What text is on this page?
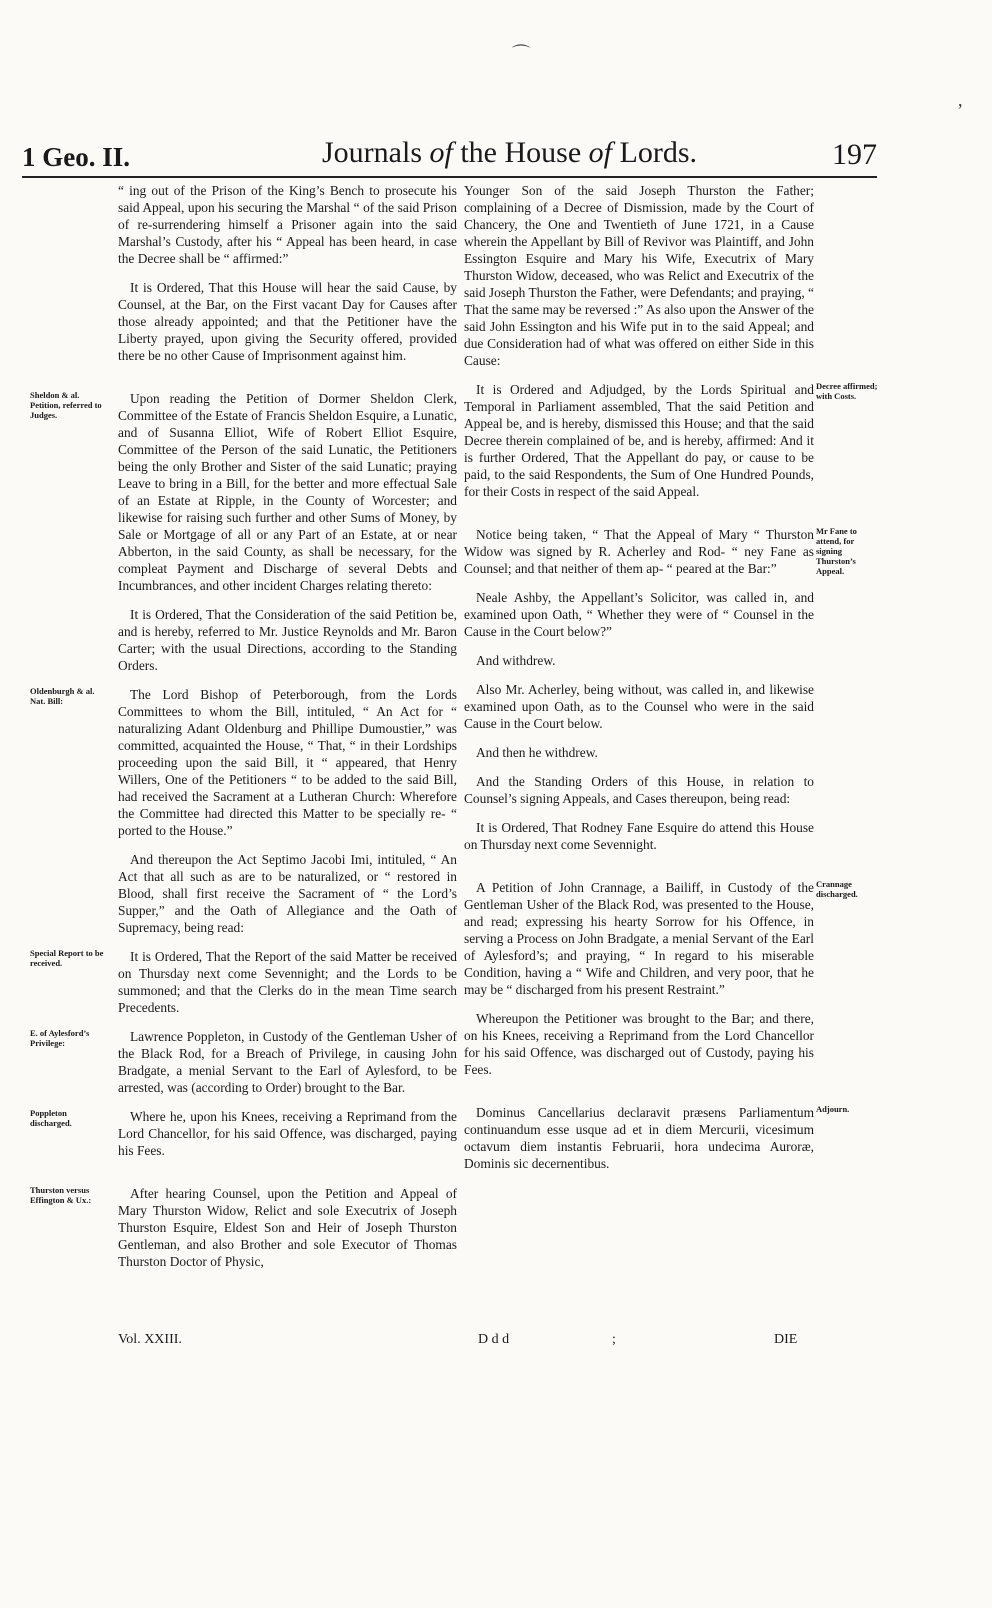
⌒
,
1 Geo. II.	Journals of the House of Lords.	197

“ ing out of the Prison of the King’s Bench to prosecute his said Appeal, upon his securing the Marshal “ of the said Prison of re-surrendering himself a Prisoner again into the said Marshal’s Custody, after his “ Appeal has been heard, in case the Decree shall be “ affirmed:”

It is Ordered, That this House will hear the said Cause, by Counsel, at the Bar, on the First vacant Day for Causes after those already appointed; and that the Petitioner have the Liberty prayed, upon giving the Security offered, provided there be no other Cause of Imprisonment against him.

Sheldon & al. Petition, referred to Judges.

Upon reading the Petition of Dormer Sheldon Clerk, Committee of the Estate of Francis Sheldon Esquire, a Lunatic, and of Susanna Elliot, Wife of Robert Elliot Esquire, Committee of the Person of the said Lunatic, the Petitioners being the only Brother and Sister of the said Lunatic; praying Leave to bring in a Bill, for the better and more effectual Sale of an Estate at Ripple, in the County of Worcester; and likewise for raising such further and other Sums of Money, by Sale or Mortgage of all or any Part of an Estate, at or near Abberton, in the said County, as shall be necessary, for the compleat Payment and Discharge of several Debts and Incumbrances, and other incident Charges relating thereto:

It is Ordered, That the Consideration of the said Petition be, and is hereby, referred to Mr. Justice Reynolds and Mr. Baron Carter; with the usual Directions, according to the Standing Orders.

Oldenburgh & al. Nat. Bill:	The Lord Bishop of Peterborough, from the Lords Committees to whom the Bill, intituled, “ An Act for “ naturalizing Adant Oldenburg and Phillipe Dumoustier,” was committed, acquainted the House, “ That, “ in their Lordships proceeding upon the said Bill, it “ appeared, that Henry Willers, One of the Petitioners “ to be added to the said Bill, had received the Sacrament at a Lutheran Church: Wherefore the Committee had directed this Matter to be specially re- “ ported to the House.”

And thereupon the Act Septimo Jacobi Imi, intituled, “ An Act that all such as are to be naturalized, or “ restored in Blood, shall first receive the Sacrament of “ the Lord’s Supper,” and the Oath of Allegiance and the Oath of Supremacy, being read:

Special Report to be received.	It is Ordered, That the Report of the said Matter be received on Thursday next come Sevennight; and the Lords to be summoned; and that the Clerks do in the mean Time search Precedents.

E. of Aylesford’s Privilege:	Lawrence Poppleton, in Custody of the Gentleman Usher of the Black Rod, for a Breach of Privilege, in causing John Bradgate, a menial Servant to the Earl of Aylesford, to be arrested, was (according to Order) brought to the Bar.

Poppleton discharged.	Where he, upon his Knees, receiving a Reprimand from the Lord Chancellor, for his said Offence, was discharged, paying his Fees.

Thurston versus Effington & Ux.:	After hearing Counsel, upon the Petition and Appeal of Mary Thurston Widow, Relict and sole Executrix of Joseph Thurston Esquire, Eldest Son and Heir of Joseph Thurston Gentleman, and also Brother and sole Executor of Thomas Thurston Doctor of Physic,

Younger Son of the said Joseph Thurston the Father; complaining of a Decree of Dismission, made by the Court of Chancery, the One and Twentieth of June 1721, in a Cause wherein the Appellant by Bill of Revivor was Plaintiff, and John Essington Esquire and Mary his Wife, Executrix of Mary Thurston Widow, deceased, who was Relict and Executrix of the said Joseph Thurston the Father, were Defendants; and praying, “ That the same may be reversed :” As also upon the Answer of the said John Essington and his Wife put in to the said Appeal; and due Consideration had of what was offered on either Side in this Cause:

Decree affirmed; with Costs.

It is Ordered and Adjudged, by the Lords Spiritual and Temporal in Parliament assembled, That the said Petition and Appeal be, and is hereby, dismissed this House; and that the said Decree therein complained of be, and is hereby, affirmed: And it is further Ordered, That the Appellant do pay, or cause to be paid, to the said Respondents, the Sum of One Hundred Pounds, for their Costs in respect of the said Appeal.

Mr Fane to attend, for signing Thurston’s Appeal.

Notice being taken, “ That the Appeal of Mary “ Thurston Widow was signed by R. Acherley and Rod- “ ney Fane as Counsel; and that neither of them ap- “ peared at the Bar:”

Neale Ashby, the Appellant’s Solicitor, was called in, and examined upon Oath, “ Whether they were of “ Counsel in the Cause in the Court below?”

And withdrew.

Also Mr. Acherley, being without, was called in, and likewise examined upon Oath, as to the Counsel who were in the said Cause in the Court below.

And then he withdrew.

And the Standing Orders of this House, in relation to Counsel’s signing Appeals, and Cases thereupon, being read:

It is Ordered, That Rodney Fane Esquire do attend this House on Thursday next come Sevennight.

Crannage discharged.

A Petition of John Crannage, a Bailiff, in Custody of the Gentleman Usher of the Black Rod, was presented to the House, and read; expressing his hearty Sorrow for his Offence, in serving a Process on John Bradgate, a menial Servant of the Earl of Aylesford’s; and praying, “ In regard to his miserable Condition, having a “ Wife and Children, and very poor, that he may be “ discharged from his present Restraint.”

Whereupon the Petitioner was brought to the Bar; and there, on his Knees, receiving a Reprimand from the Lord Chancellor for his said Offence, was discharged out of Custody, paying his Fees.

Adjourn.

Dominus Cancellarius declaravit præsens Parliamentum continuandum esse usque ad et in diem Mercurii, vicesimum octavum diem instantis Februarii, hora undecima Auroræ, Dominis sic decernentibus.

Vol. XXIII.	D d d	;	DIE
